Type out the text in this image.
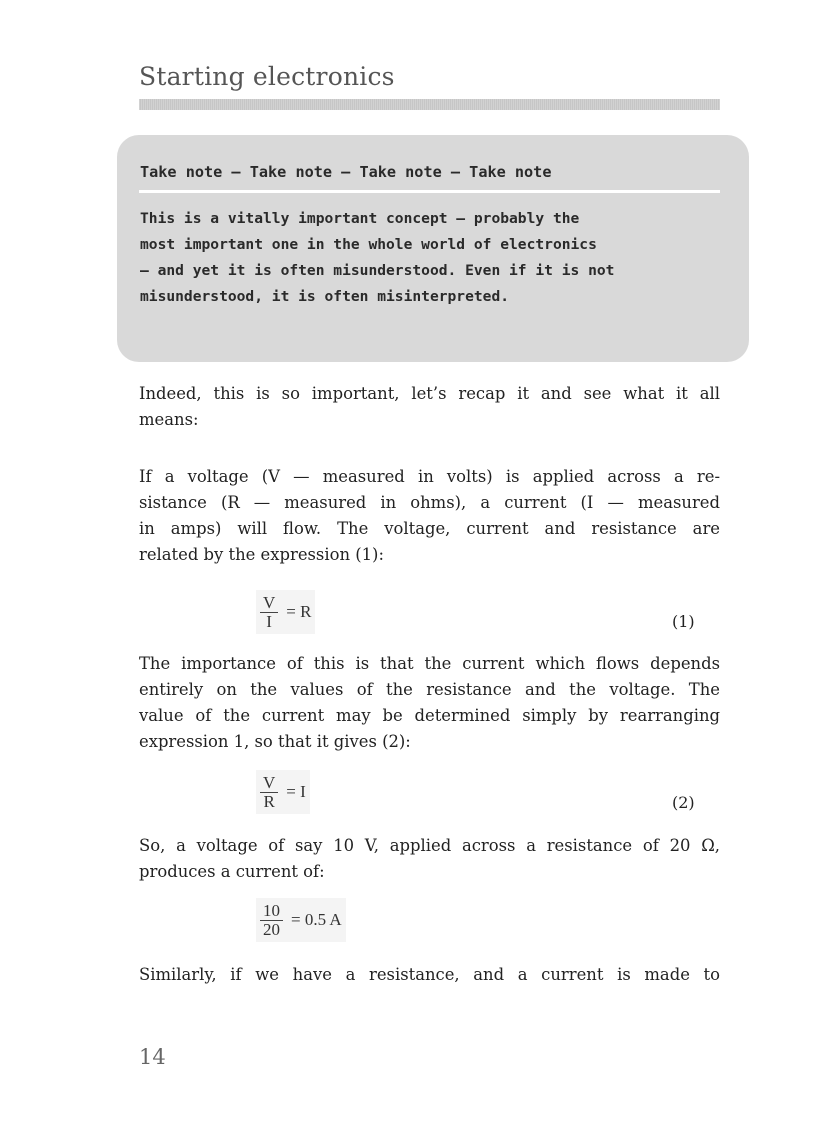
Starting electronics
Take note – Take note – Take note – Take note
This is a vitally important concept – probably the
most important one in the whole world of electronics
– and yet it is often misunderstood. Even if it is not
misunderstood, it is often misinterpreted.
Indeed, this is so important, let’s recap it and see what it all
means:
If a voltage (V — measured in volts) is applied across a re-
sistance (R — measured in ohms), a current (I — measured
in amps) will flow. The voltage, current and resistance are
related by the expression (1):
$\frac{V}{I} = R$
(1)
The importance of this is that the current which flows depends
entirely on the values of the resistance and the voltage. The
value of the current may be determined simply by rearranging
expression 1, so that it gives (2):
$\frac{V}{R} = I$
(2)
So, a voltage of say 10 V, applied across a resistance of 20 Ω,
produces a current of:
$\frac{10}{20} = 0.5$ A
Similarly, if we have a resistance, and a current is made to
14
